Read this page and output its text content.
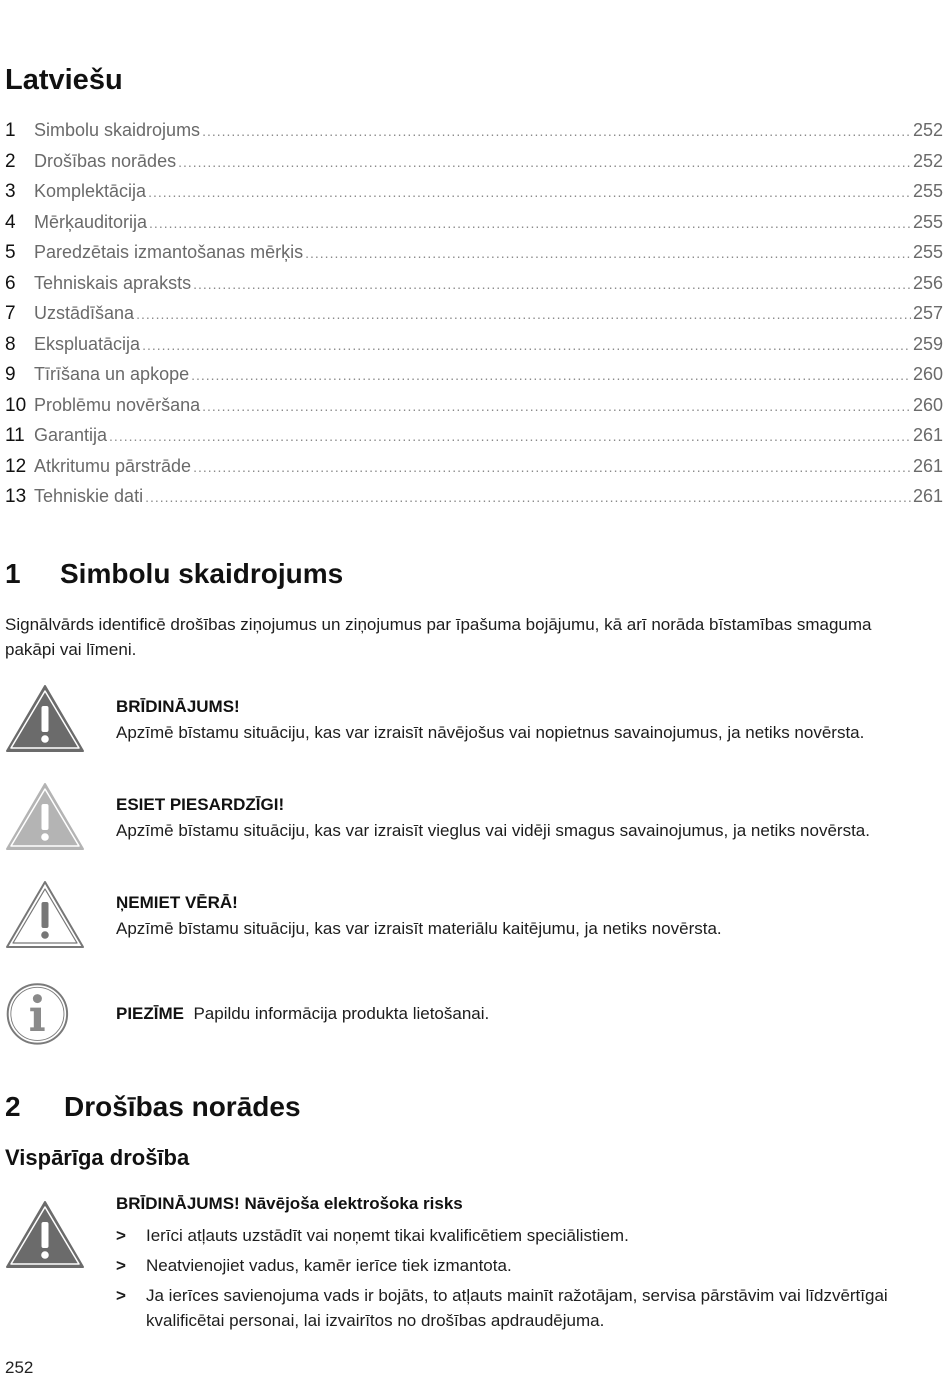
Latviešu
1	Simbolu skaidrojums .....	252
2	Drošības norādes .....	252
3	Komplektācija .....	255
4	Mērķauditorija .....	255
5	Paredzētais izmantošanas mērķis .....	255
6	Tehniskais apraksts .....	256
7	Uzstādīšana .....	257
8	Ekspluatācija .....	259
9	Tīrīšana un apkope .....	260
10 Problēmu novēršana .....	260
11 Garantija .....	261
12 Atkritumu pārstrāde .....	261
13 Tehniskie dati .....	261
1	Simbolu skaidrojums
Signālvārds identificē drošības ziņojumus un ziņojumus par īpašuma bojājumu, kā arī norāda bīstamības smaguma pakāpi vai līmeni.
BRĪDINĀJUMS!
Apzīmē bīstamu situāciju, kas var izraisīt nāvējošus vai nopietnus savainojumus, ja netiks novērsta.
ESIET PIESARDZĪGI!
Apzīmē bīstamu situāciju, kas var izraisīt vieglus vai vidēji smagus savainojumus, ja netiks novērsta.
ŅEMIET VĒRĀ!
Apzīmē bīstamu situāciju, kas var izraisīt materiālu kaitējumu, ja netiks novērsta.
PIEZĪME Papildu informācija produkta lietošanai.
2	Drošības norādes
Vispārīga drošība
BRĪDINĀJUMS! Nāvējoša elektrošoka risks
> Ierīci atļauts uzstādīt vai noņemt tikai kvalificētiem speciālistiem.
> Neatvienojiet vadus, kamēr ierīce tiek izmantota.
> Ja ierīces savienojuma vads ir bojāts, to atļauts mainīt ražotājam, servisa pārstāvim vai līdzvērtīgai kvalificētai personai, lai izvairītos no drošības apdraudējuma.
252
